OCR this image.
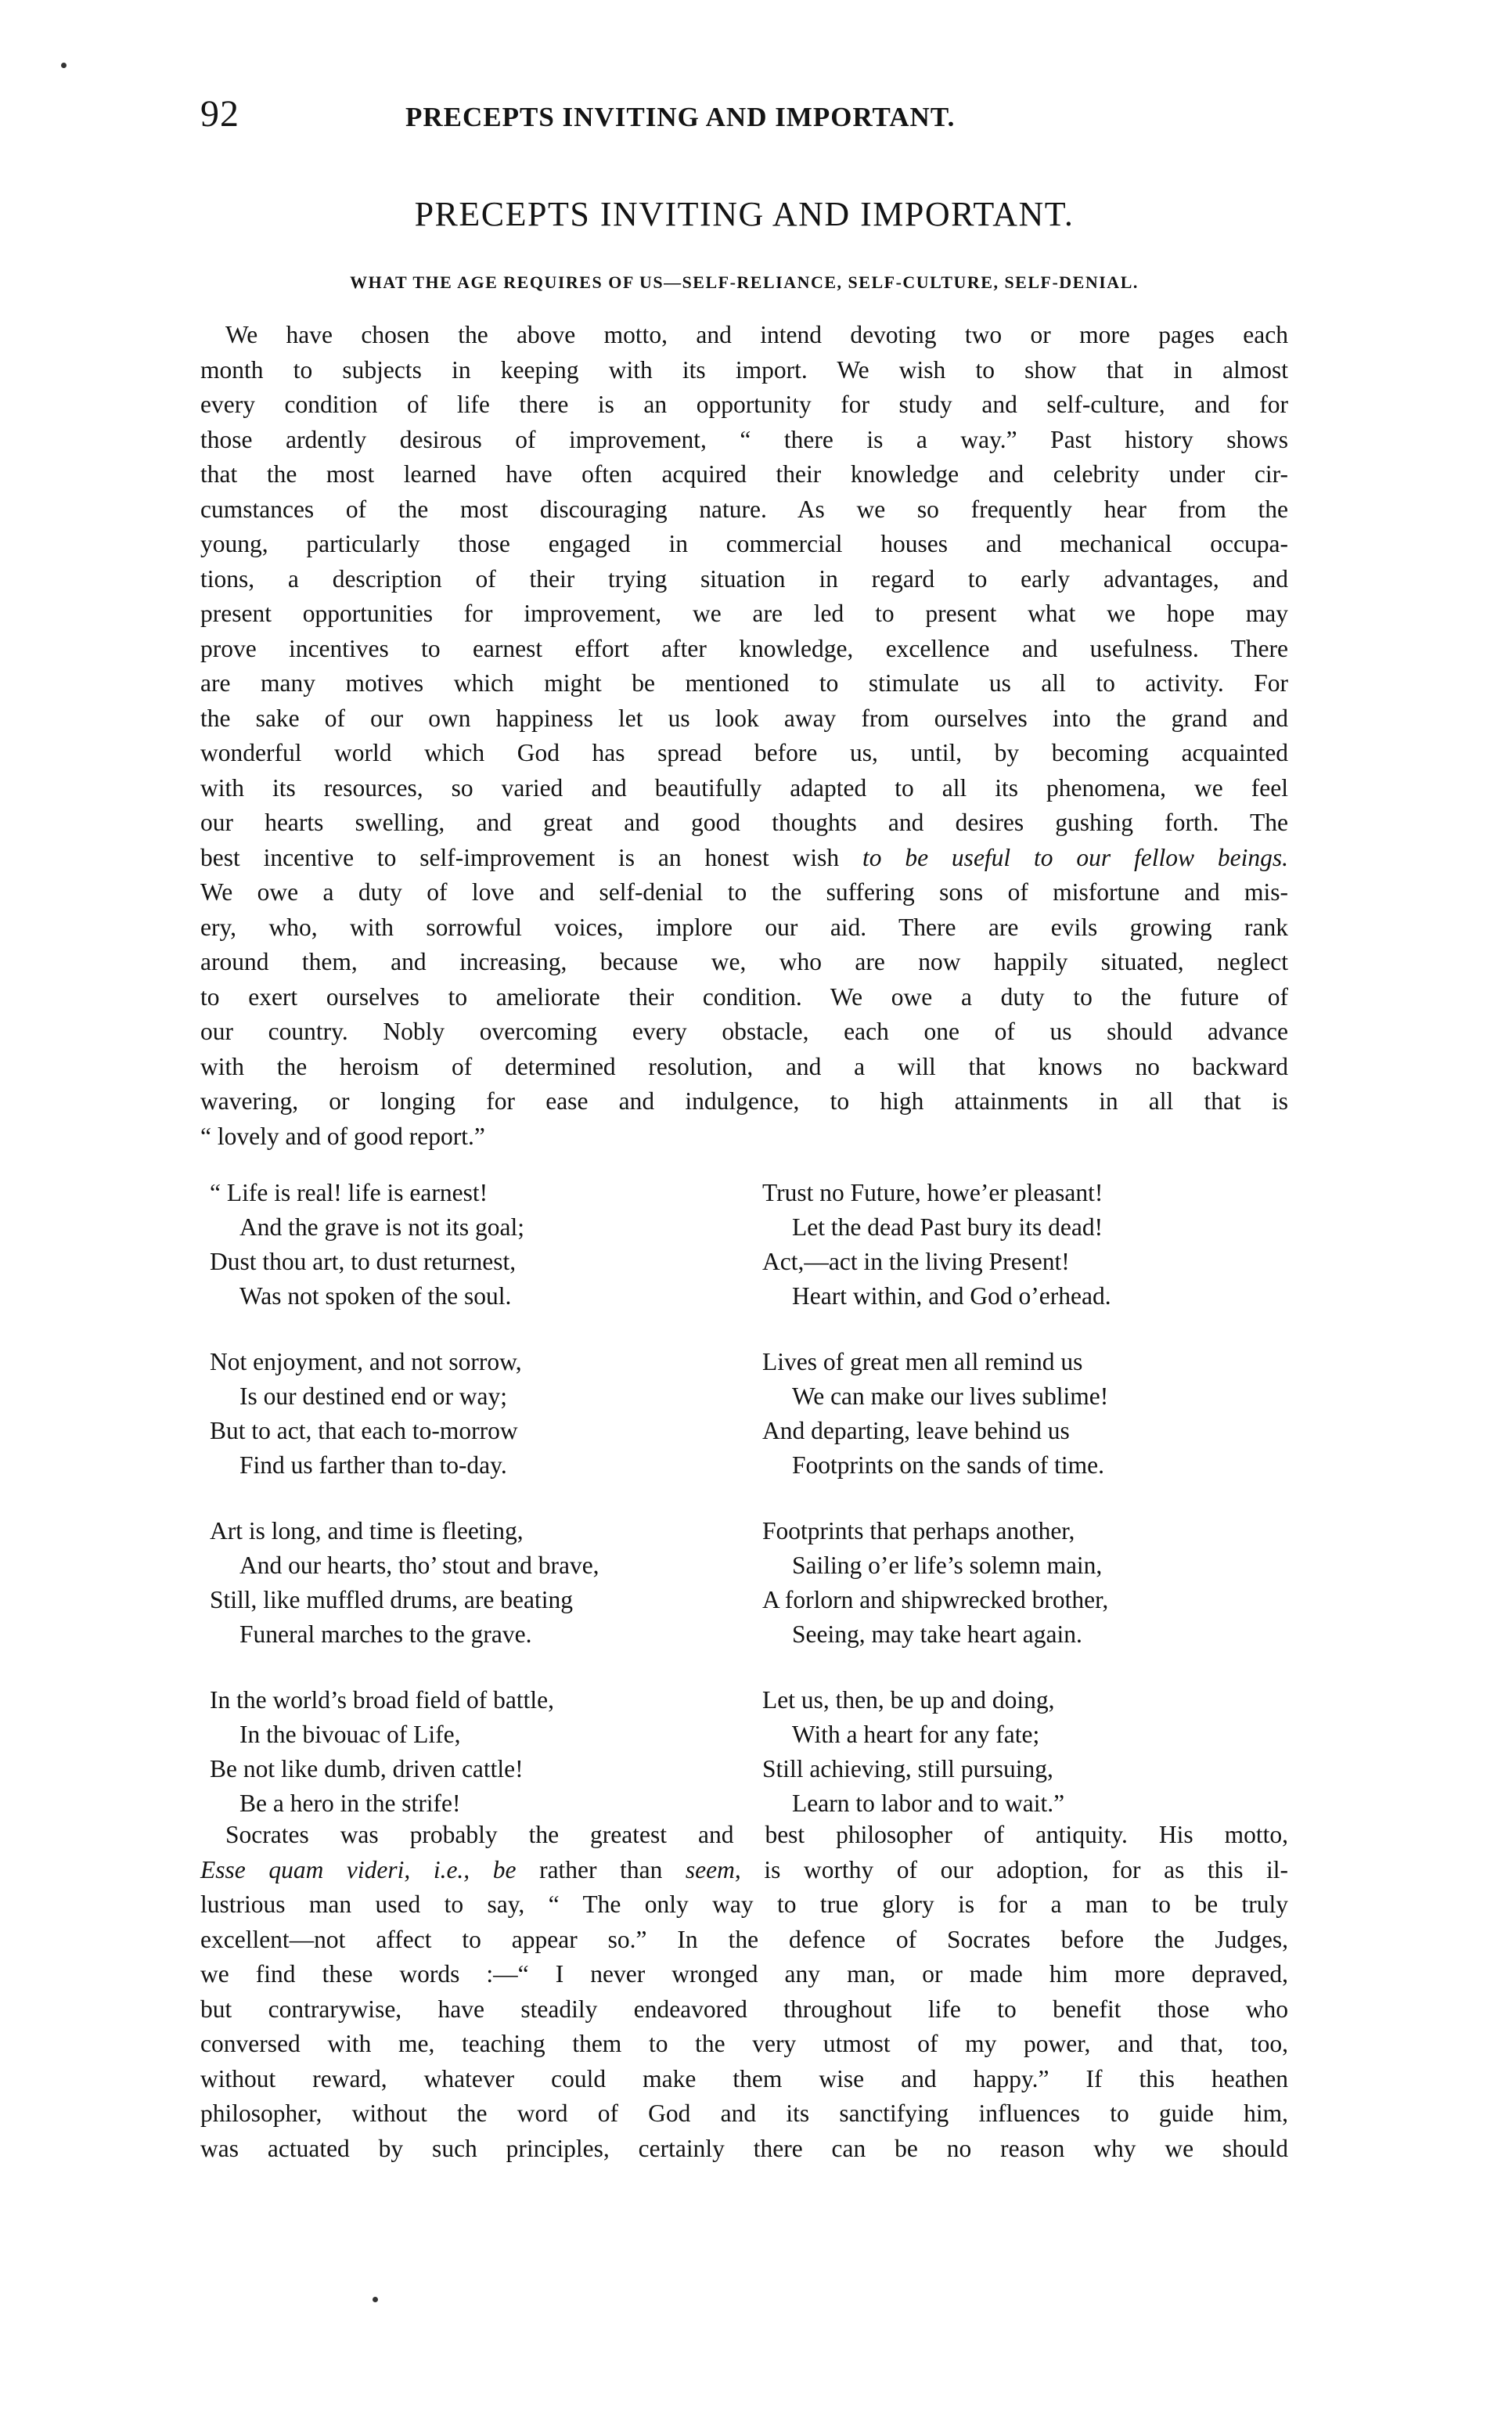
92	PRECEPTS INVITING AND IMPORTANT.
PRECEPTS INVITING AND IMPORTANT.
WHAT THE AGE REQUIRES OF US—SELF-RELIANCE, SELF-CULTURE, SELF-DENIAL.
We have chosen the above motto, and intend devoting two or more pages each
month to subjects in keeping with its import. We wish to show that in almost
every condition of life there is an opportunity for study and self-culture, and for
those ardently desirous of improvement, “ there is a way.” Past history shows
that the most learned have often acquired their knowledge and celebrity under cir-
cumstances of the most discouraging nature. As we so frequently hear from the
young, particularly those engaged in commercial houses and mechanical occupa-
tions, a description of their trying situation in regard to early advantages, and
present opportunities for improvement, we are led to present what we hope may
prove incentives to earnest effort after knowledge, excellence and usefulness. There
are many motives which might be mentioned to stimulate us all to activity. For
the sake of our own happiness let us look away from ourselves into the grand and
wonderful world which God has spread before us, until, by becoming acquainted
with its resources, so varied and beautifully adapted to all its phenomena, we feel
our hearts swelling, and great and good thoughts and desires gushing forth. The
best incentive to self-improvement is an honest wish to be useful to our fellow beings.
We owe a duty of love and self-denial to the suffering sons of misfortune and mis-
ery, who, with sorrowful voices, implore our aid. There are evils growing rank
around them, and increasing, because we, who are now happily situated, neglect
to exert ourselves to ameliorate their condition. We owe a duty to the future of
our country. Nobly overcoming every obstacle, each one of us should advance
with the heroism of determined resolution, and a will that knows no backward
wavering, or longing for ease and indulgence, to high attainments in all that is
“ lovely and of good report.”
“ Life is real! life is earnest!
And the grave is not its goal;
Dust thou art, to dust returnest,
Was not spoken of the soul.
Not enjoyment, and not sorrow,
Is our destined end or way;
But to act, that each to-morrow
Find us farther than to-day.
Art is long, and time is fleeting,
And our hearts, tho’ stout and brave,
Still, like muffled drums, are beating
Funeral marches to the grave.
In the world’s broad field of battle,
In the bivouac of Life,
Be not like dumb, driven cattle!
Be a hero in the strife!
Trust no Future, howe’er pleasant!
Let the dead Past bury its dead!
Act,—act in the living Present!
Heart within, and God o’erhead.
Lives of great men all remind us
We can make our lives sublime!
And departing, leave behind us
Footprints on the sands of time.
Footprints that perhaps another,
Sailing o’er life’s solemn main,
A forlorn and shipwrecked brother,
Seeing, may take heart again.
Let us, then, be up and doing,
With a heart for any fate;
Still achieving, still pursuing,
Learn to labor and to wait.”
Socrates was probably the greatest and best philosopher of antiquity. His motto,
Esse quam videri, i.e., be rather than seem, is worthy of our adoption, for as this il-
lustrious man used to say, “ The only way to true glory is for a man to be truly
excellent—not affect to appear so.” In the defence of Socrates before the Judges,
we find these words :—“ I never wronged any man, or made him more depraved,
but contrarywise, have steadily endeavored throughout life to benefit those who
conversed with me, teaching them to the very utmost of my power, and that, too,
without reward, whatever could make them wise and happy.” If this heathen
philosopher, without the word of God and its sanctifying influences to guide him,
was actuated by such principles, certainly there can be no reason why we should
